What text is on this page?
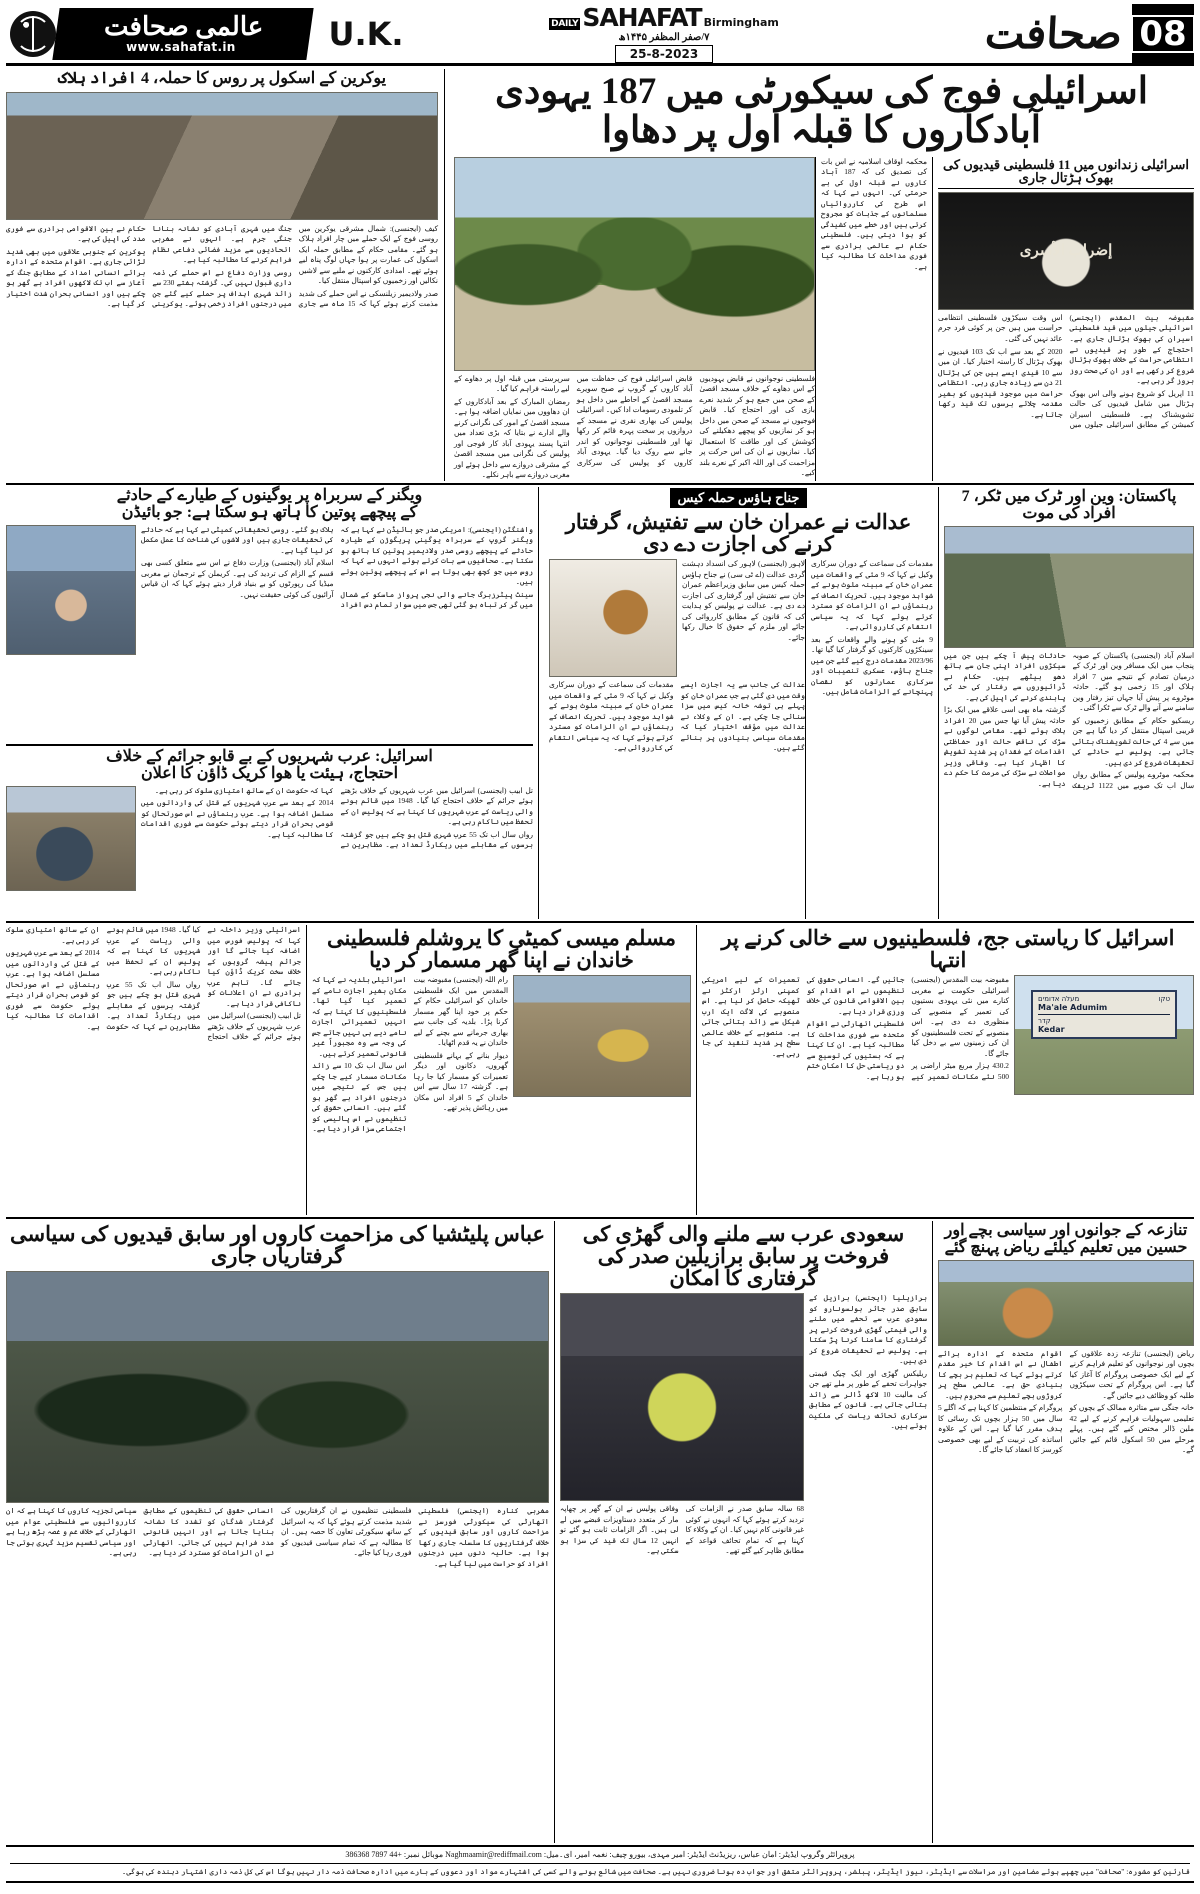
08
صحافت
DAILY SAHAFAT Birmingham
۷/صفر المظفر ۱۴۴۵ھ
25-8-2023
U.K.
عالمی صحافت
www.sahafat.in
اسرائیلی فوج کی سیکورٹی میں 187 یہودی آبادکاروں کا قبلہ اول پر دھاوا
اسرائیلی زندانوں میں 11 فلسطینی قیدیوں کی بھوک ہڑتال جاری
إضراب الأسرى

مقبوضہ بیت المقدس (ایجنسی) اسرائیلی جیلوں میں قید فلسطینی اسیران کی بھوک ہڑتال جاری ہے۔ احتجاج کے طور پر قیدیوں نے انتظامی حراست کے خلاف بھوک ہڑتال شروع کر رکھی ہے اور ان کی صحت روز بروز گر رہی ہے۔

11 اپریل کو شروع ہونے والی اس بھوک ہڑتال میں شامل قیدیوں کی حالت تشویشناک ہے۔ فلسطینی اسیران کمیشن کے مطابق اسرائیلی جیلوں میں اس وقت سیکڑوں فلسطینی انتظامی حراست میں ہیں جن پر کوئی فرد جرم عائد نہیں کی گئی۔

2020 کے بعد سے اب تک 103 قیدیوں نے بھوک ہڑتال کا راستہ اختیار کیا۔ ان میں سے 10 قیدی ایسے ہیں جن کی ہڑتال 21 دن سے زیادہ جاری رہی۔ انتظامی حراست میں موجود قیدیوں کو بغیر مقدمہ چلائے برسوں تک قید رکھا جاتا ہے۔

محکمہ اوقاف اسلامیہ نے اس بات کی تصدیق کی کہ 187 آباد کاروں نے قبلہ اول کی بے حرمتی کی۔ انہوں نے کہا کہ اس طرح کی کارروائیاں مسلمانوں کے جذبات کو مجروح کرتی ہیں اور خطے میں کشیدگی کو ہوا دیتی ہیں۔ فلسطینی حکام نے عالمی برادری سے فوری مداخلت کا مطالبہ کیا ہے۔

فلسطینی نوجوانوں نے قابض یہودیوں کے اس دھاوے کے خلاف مسجد اقصیٰ کے صحن میں جمع ہو کر شدید نعرے بازی کی اور احتجاج کیا۔ قابض فوجیوں نے مسجد کے صحن میں داخل ہو کر نمازیوں کو پیچھے دھکیلنے کی کوشش کی اور طاقت کا استعمال کیا۔ نمازیوں نے ان کی اس حرکت پر مزاحمت کی اور اللہ اکبر کے نعرے بلند کیے۔

قابض اسرائیلی فوج کی حفاظت میں آباد کاروں کے گروپ نے صبح سویرے مسجد اقصیٰ کے احاطے میں داخل ہو کر تلمودی رسومات ادا کیں۔ اسرائیلی پولیس کی بھاری نفری نے مسجد کے دروازوں پر سخت پہرہ قائم کر رکھا تھا اور فلسطینی نوجوانوں کو اندر جانے سے روک دیا گیا۔ یہودی آباد کاروں کو پولیس کی سرکاری سرپرستی میں قبلہ اول پر دھاوے کے لیے راستہ فراہم کیا گیا۔

رمضان المبارک کے بعد آبادکاروں کے ان دھاووں میں نمایاں اضافہ ہوا ہے۔ مسجد اقصیٰ کے امور کی نگرانی کرنے والے ادارے نے بتایا کہ بڑی تعداد میں انتہا پسند یہودی آباد کار فوجی اور پولیس کی نگرانی میں مسجد اقصیٰ کے مشرقی دروازے سے داخل ہوئے اور مغربی دروازے سے باہر نکلے۔

یوکرین کے اسکول پر روس کا حملہ، 4 افراد ہلاک

کیف (ایجنسی): شمال مشرقی یوکرین میں روسی فوج کے ایک حملے میں چار افراد ہلاک ہو گئے۔ مقامی حکام کے مطابق حملہ ایک اسکول کی عمارت پر ہوا جہاں لوگ پناہ لیے ہوئے تھے۔ امدادی کارکنوں نے ملبے سے لاشیں نکالیں اور زخمیوں کو اسپتال منتقل کیا۔

صدر ولادیمیر زیلنسکی نے اس حملے کی شدید مذمت کرتے ہوئے کہا کہ 15 ماہ سے جاری جنگ میں شہری آبادی کو نشانہ بنانا جنگی جرم ہے۔ انہوں نے مغربی اتحادیوں سے مزید فضائی دفاعی نظام فراہم کرنے کا مطالبہ کیا ہے۔

روسی وزارت دفاع نے اس حملے کی ذمہ داری قبول نہیں کی۔ گزشتہ ہفتے 230 سے زائد شہری اہداف پر حملے کیے گئے جن میں درجنوں افراد زخمی ہوئے۔ یوکرینی حکام نے بین الاقوامی برادری سے فوری مدد کی اپیل کی ہے۔

یوکرین کے جنوبی علاقوں میں بھی شدید لڑائی جاری ہے۔ اقوام متحدہ کے ادارہ برائے انسانی امداد کے مطابق جنگ کے آغاز سے اب تک لاکھوں افراد بے گھر ہو چکے ہیں اور انسانی بحران شدت اختیار کر گیا ہے۔

پاکستان: وین اور ٹرک میں ٹکر، 7 افراد کی موت

اسلام آباد (ایجنسی) پاکستان کے صوبہ پنجاب میں ایک مسافر وین اور ٹرک کے درمیان تصادم کے نتیجے میں 7 افراد ہلاک اور 15 زخمی ہو گئے۔ حادثہ موٹروے پر پیش آیا جہاں تیز رفتار وین سامنے سے آنے والے ٹرک سے ٹکرا گئی۔

ریسکیو حکام کے مطابق زخمیوں کو قریبی اسپتال منتقل کر دیا گیا ہے جن میں سے 4 کی حالت تشویشناک بتائی جاتی ہے۔ پولیس نے حادثے کی تحقیقات شروع کر دی ہیں۔

محکمہ موٹروے پولیس کے مطابق رواں سال اب تک صوبے میں 1122 ٹریفک حادثات پیش آ چکے ہیں جن میں سیکڑوں افراد اپنی جان سے ہاتھ دھو بیٹھے ہیں۔ حکام نے ڈرائیوروں سے رفتار کی حد کی پابندی کرنے کی اپیل کی ہے۔

گزشتہ ماہ بھی اسی علاقے میں ایک بڑا حادثہ پیش آیا تھا جس میں 20 افراد ہلاک ہوئے تھے۔ مقامی لوگوں نے سڑک کی ناقص حالت اور حفاظتی اقدامات کے فقدان پر شدید تشویش کا اظہار کیا ہے۔ وفاقی وزیر مواصلات نے سڑک کی مرمت کا حکم دے دیا ہے۔

جناح ہاؤس حملہ کیس
عدالت نے عمران خان سے تفتیش، گرفتار کرنے کی اجازت دے دی

مقدمات کی سماعت کے دوران سرکاری وکیل نے کہا کہ 9 مئی کے واقعات میں عمران خان کے مبینہ ملوث ہونے کے شواہد موجود ہیں۔ تحریک انصاف کے رہنماؤں نے ان الزامات کو مسترد کرتے ہوئے کہا کہ یہ سیاسی انتقام کی کارروائی ہے۔

9 مئی کو ہونے والے واقعات کے بعد سینکڑوں کارکنوں کو گرفتار کیا گیا تھا۔ 2023/96 مقدمات درج کیے گئے جن میں جناح ہاؤس، عسکری تنصیبات اور سرکاری عمارتوں کو نقصان پہنچانے کے الزامات شامل ہیں۔

لاہور (ایجنسی) لاہور کی انسداد دہشت گردی عدالت (اے ٹی سی) نے جناح ہاؤس حملہ کیس میں سابق وزیراعظم عمران خان سے تفتیش اور گرفتاری کی اجازت دے دی ہے۔ عدالت نے پولیس کو ہدایت کی کہ قانون کے مطابق کارروائی کی جائے اور ملزم کے حقوق کا خیال رکھا جائے۔

عدالت کی جانب سے یہ اجازت ایسے وقت میں دی گئی ہے جب عمران خان کو پہلے ہی توشہ خانہ کیس میں سزا سنائی جا چکی ہے۔ ان کے وکلاء نے عدالت میں مؤقف اختیار کیا کہ مقدمات سیاسی بنیادوں پر بنائے گئے ہیں۔

مقدمات کی سماعت کے دوران سرکاری وکیل نے کہا کہ 9 مئی کے واقعات میں عمران خان کے مبینہ ملوث ہونے کے شواہد موجود ہیں۔ تحریک انصاف کے رہنماؤں نے ان الزامات کو مسترد کرتے ہوئے کہا کہ یہ سیاسی انتقام کی کارروائی ہے۔

ویگنر کے سربراہ پر یوگینوں کے طیارے کے حادثے
کے پیچھے پوتین کا ہاتھ ہو سکتا ہے: جو بائیڈن

واشنگٹن (ایجنسی): امریکی صدر جو بائیڈن نے کہا ہے کہ ویگنر گروپ کے سربراہ یوگینی پریگوژن کے طیارہ حادثے کے پیچھے روسی صدر ولادیمیر پوتین کا ہاتھ ہو سکتا ہے۔ صحافیوں سے بات کرتے ہوئے انہوں نے کہا کہ روس میں جو کچھ بھی ہوتا ہے اس کے پیچھے پوتین ہوتے ہیں۔

سینٹ پیٹرزبرگ جانے والی نجی پرواز ماسکو کے شمال میں گر کر تباہ ہو گئی تھی جس میں سوار تمام دس افراد ہلاک ہو گئے۔ روسی تحقیقاتی کمیٹی نے کہا ہے کہ حادثے کی تحقیقات جاری ہیں اور لاشوں کی شناخت کا عمل مکمل کر لیا گیا ہے۔

اسلام آباد (ایجنسی) وزارت دفاع نے اس سے متعلق کسی بھی قسم کے الزام کی تردید کی ہے۔ کریملن کے ترجمان نے مغربی میڈیا کی رپورٹوں کو بے بنیاد قرار دیتے ہوئے کہا کہ ان قیاس آرائیوں کی کوئی حقیقت نہیں۔

اسرائیل: عرب شہریوں کے بے قابو جرائم کے خلاف
احتجاج، ہیئت یا ھوا کریک ڈاؤن کا اعلان

تل ابیب (ایجنسی) اسرائیل میں عرب شہریوں کے خلاف بڑھتے ہوئے جرائم کے خلاف احتجاج کیا گیا۔ 1948 میں قائم ہونے والی ریاست کے عرب شہریوں کا کہنا ہے کہ پولیس ان کے تحفظ میں ناکام رہی ہے۔

رواں سال اب تک 55 عرب شہری قتل ہو چکے ہیں جو گزشتہ برسوں کے مقابلے میں ریکارڈ تعداد ہے۔ مظاہرین نے کہا کہ حکومت ان کے ساتھ امتیازی سلوک کر رہی ہے۔

2014 کے بعد سے عرب شہریوں کے قتل کی وارداتوں میں مسلسل اضافہ ہوا ہے۔ عرب رہنماؤں نے اس صورتحال کو قومی بحران قرار دیتے ہوئے حکومت سے فوری اقدامات کا مطالبہ کیا ہے۔

اسرائیل کا ریاستی جج، فلسطینیوں سے خالی کرنے پر انتہا
מעלה אדומים	טקו
Ma'ale Adumim
קדר
Kedar

مقبوضہ بیت المقدس (ایجنسی) اسرائیلی حکومت نے مغربی کنارے میں نئی یہودی بستیوں کی تعمیر کے منصوبے کی منظوری دے دی ہے۔ اس منصوبے کے تحت فلسطینیوں کو ان کی زمینوں سے بے دخل کیا جائے گا۔

430.2 ہزار مربع میٹر اراضی پر 500 نئے مکانات تعمیر کیے جائیں گے۔ انسانی حقوق کی تنظیموں نے اس اقدام کو بین الاقوامی قانون کی خلاف ورزی قرار دیا ہے۔

فلسطینی اتھارٹی نے اقوام متحدہ سے فوری مداخلت کا مطالبہ کیا ہے۔ ان کا کہنا ہے کہ بستیوں کی توسیع سے دو ریاستی حل کا امکان ختم ہو رہا ہے۔

تعمیرات کے لیے امریکی کمپنی ارٹز ارکٹز نے ٹھیکہ حاصل کر لیا ہے۔ اس منصوبے کی لاگت ایک ارب شیکل سے زائد بتائی جاتی ہے۔ منصوبے کے خلاف عالمی سطح پر شدید تنقید کی جا رہی ہے۔

مسلم میسی کمیٹی کا یروشلم فلسطینی خاندان نے اپنا گھر مسمار کر دیا

رام اللہ (ایجنسی) مقبوضہ بیت المقدس میں ایک فلسطینی خاندان کو اسرائیلی حکام کے حکم پر خود اپنا گھر مسمار کرنا پڑا۔ بلدیہ کی جانب سے بھاری جرمانے سے بچنے کے لیے خاندان نے یہ قدم اٹھایا۔

دیوار بنانے کے بہانے فلسطینی گھروں، دکانوں اور دیگر تعمیرات کو مسمار کیا جا رہا ہے۔ گزشتہ 17 سال سے اس خاندان کے 5 افراد اس مکان میں رہائش پذیر تھے۔

اسرائیلی بلدیہ نے کہا کہ مکان بغیر اجازت نامے کے تعمیر کیا گیا تھا۔ فلسطینیوں کا کہنا ہے کہ انہیں تعمیراتی اجازت نامے دیے ہی نہیں جاتے جس کی وجہ سے وہ مجبوراً غیر قانونی تعمیر کرتے ہیں۔

اس سال اب تک 10 سے زائد مکانات مسمار کیے جا چکے ہیں جس کے نتیجے میں درجنوں افراد بے گھر ہو گئے ہیں۔ انسانی حقوق کی تنظیموں نے اس پالیسی کو اجتماعی سزا قرار دیا ہے۔

اسرائیلی وزیر داخلہ نے کہا کہ پولیس فورس میں اضافہ کیا جائے گا اور جرائم پیشہ گروہوں کے خلاف سخت کریک ڈاؤن کیا جائے گا۔ تاہم عرب برادری نے ان اعلانات کو ناکافی قرار دیا ہے۔

تل ابیب (ایجنسی) اسرائیل میں عرب شہریوں کے خلاف بڑھتے ہوئے جرائم کے خلاف احتجاج کیا گیا۔ 1948 میں قائم ہونے والی ریاست کے عرب شہریوں کا کہنا ہے کہ پولیس ان کے تحفظ میں ناکام رہی ہے۔

رواں سال اب تک 55 عرب شہری قتل ہو چکے ہیں جو گزشتہ برسوں کے مقابلے میں ریکارڈ تعداد ہے۔ مظاہرین نے کہا کہ حکومت ان کے ساتھ امتیازی سلوک کر رہی ہے۔

2014 کے بعد سے عرب شہریوں کے قتل کی وارداتوں میں مسلسل اضافہ ہوا ہے۔ عرب رہنماؤں نے اس صورتحال کو قومی بحران قرار دیتے ہوئے حکومت سے فوری اقدامات کا مطالبہ کیا ہے۔

تنازعہ کے جوانوں اور سیاسی بچے اور حسین میں تعلیم کیلئے ریاض پہنچ گئے

ریاض (ایجنسی) تنازعہ زدہ علاقوں کے بچوں اور نوجوانوں کو تعلیم فراہم کرنے کے لیے ایک خصوصی پروگرام کا آغاز کیا گیا ہے۔ اس پروگرام کے تحت سیکڑوں طلبہ کو وظائف دیے جائیں گے۔

خانہ جنگی سے متاثرہ ممالک کے بچوں کو تعلیمی سہولیات فراہم کرنے کے لیے 42 ملین ڈالر مختص کیے گئے ہیں۔ پہلے مرحلے میں 50 اسکول قائم کیے جائیں گے۔

اقوام متحدہ کے ادارہ برائے اطفال نے اس اقدام کا خیر مقدم کرتے ہوئے کہا کہ تعلیم ہر بچے کا بنیادی حق ہے۔ عالمی سطح پر کروڑوں بچے تعلیم سے محروم ہیں۔

پروگرام کے منتظمین کا کہنا ہے کہ اگلے 5 سال میں 50 ہزار بچوں تک رسائی کا ہدف مقرر کیا گیا ہے۔ اس کے علاوہ اساتذہ کی تربیت کے لیے بھی خصوصی کورسز کا انعقاد کیا جائے گا۔

سعودی عرب سے ملنے والی گھڑی کی فروخت پر سابق برازیلین صدر کی گرفتاری کا امکان

برازیلیا (ایجنسی) برازیل کے سابق صدر جائر بولسونارو کو سعودی عرب سے تحفے میں ملنے والی قیمتی گھڑی فروخت کرنے پر گرفتاری کا سامنا کرنا پڑ سکتا ہے۔ پولیس نے تحقیقات شروع کر دی ہیں۔

ریلیکس گھڑی اور ایک چیک قیمتی جواہرات تحفے کے طور پر ملے تھے جن کی مالیت 10 لاکھ ڈالر سے زائد بتائی جاتی ہے۔ قانون کے مطابق سرکاری تحائف ریاست کی ملکیت ہوتے ہیں۔

68 سالہ سابق صدر نے الزامات کی تردید کرتے ہوئے کہا کہ انہوں نے کوئی غیر قانونی کام نہیں کیا۔ ان کے وکلاء کا کہنا ہے کہ تمام تحائف قواعد کے مطابق ظاہر کیے گئے تھے۔

وفاقی پولیس نے ان کے گھر پر چھاپہ مار کر متعدد دستاویزات قبضے میں لے لی ہیں۔ اگر الزامات ثابت ہو گئے تو انہیں 12 سال تک قید کی سزا ہو سکتی ہے۔

عباس پلیٹشیا کی مزاحمت کاروں اور سابق قیدیوں کی سیاسی گرفتاریاں جاری

مغربی کنارہ (ایجنسی) فلسطینی اتھارٹی کی سیکورٹی فورسز نے مزاحمت کاروں اور سابق قیدیوں کے خلاف گرفتاریوں کا سلسلہ جاری رکھا ہوا ہے۔ حالیہ دنوں میں درجنوں افراد کو حراست میں لیا گیا ہے۔

فلسطینی تنظیموں نے ان گرفتاریوں کی شدید مذمت کرتے ہوئے کہا کہ یہ اسرائیل کے ساتھ سیکورٹی تعاون کا حصہ ہیں۔ ان کا مطالبہ ہے کہ تمام سیاسی قیدیوں کو فوری رہا کیا جائے۔

انسانی حقوق کی تنظیموں کے مطابق گرفتار شدگان کو تشدد کا نشانہ بنایا جاتا ہے اور انہیں قانونی مدد فراہم نہیں کی جاتی۔ اتھارٹی نے ان الزامات کو مسترد کر دیا ہے۔

سیاسی تجزیہ کاروں کا کہنا ہے کہ ان کارروائیوں سے فلسطینی عوام میں اتھارٹی کے خلاف غم و غصہ بڑھ رہا ہے اور سیاسی تقسیم مزید گہری ہوتی جا رہی ہے۔

پروپرائٹر وگروپ ایڈیٹر: امان عباس، ریزیڈنٹ ایڈیٹر: امیر مہدی، بیورو چیف: نغمہ امیر، ای۔میل: Naghmaamir@rediffmail.com موبائل نمبر: +44 7897 386368
قارئین کو مشورہ: "صحافت" میں چھپے ہوئے مضامین اور مراسلات سے ایڈیٹر، نیوز ایڈیٹر، پبلشر، پروپرائٹر متفق اور جواب دہ ہونا ضروری نہیں ہے۔ صحافت میں شائع ہونے والے کسی کی اشتہارے مواد اور دعووں کے بارے میں ادارہ صحافت ذمہ دار نہیں ہوگا اس کی کل ذمہ داری اشتہار دہندہ کی ہوگی۔
